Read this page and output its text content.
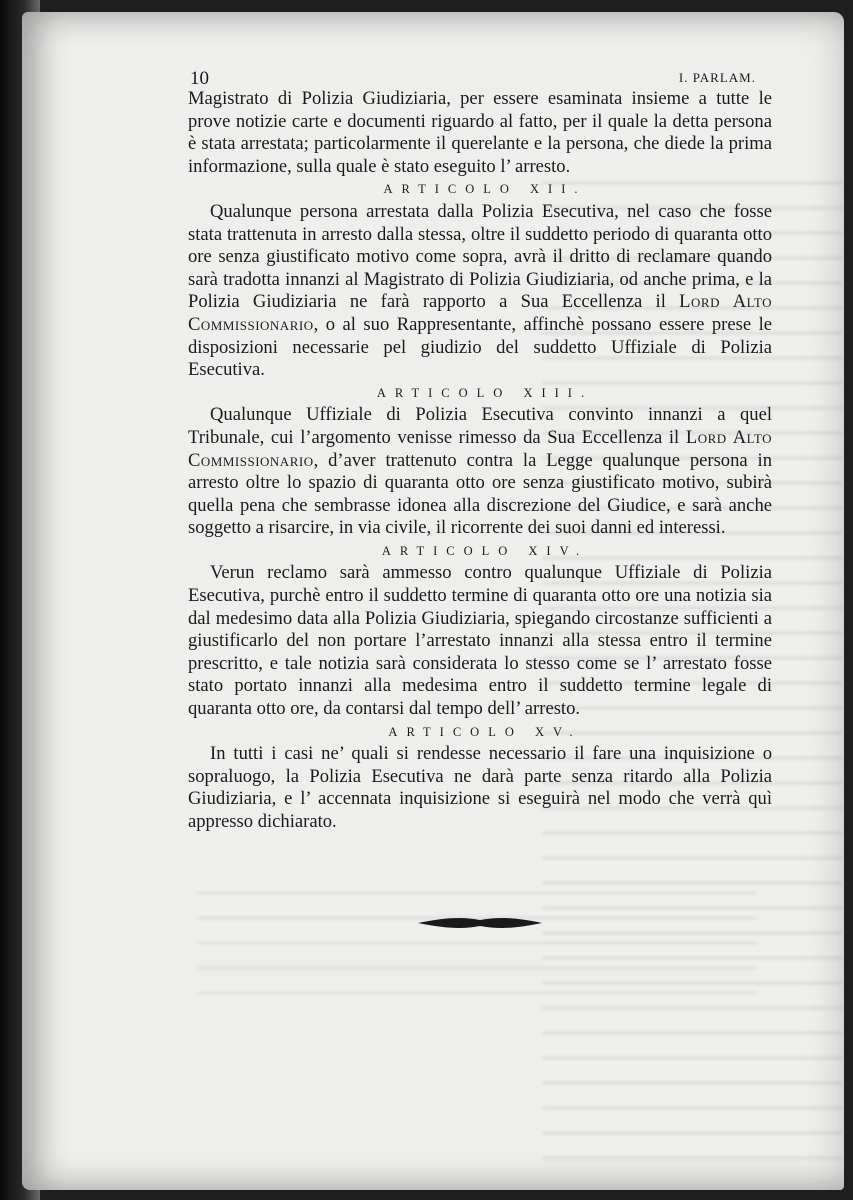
10	I. PARLAM.

Magistrato di Polizia Giudiziaria, per essere esaminata insieme a tutte le prove notizie carte e documenti riguardo al fatto, per il quale la detta persona è stata arrestata; particolarmente il querelante e la persona, che diede la prima informazione, sulla quale è stato eseguito l’ arresto.

ARTICOLO XII.

Qualunque persona arrestata dalla Polizia Esecutiva, nel caso che fosse stata trattenuta in arresto dalla stessa, oltre il suddetto periodo di quaranta otto ore senza giustificato motivo come sopra, avrà il dritto di reclamare quando sarà tradotta innanzi al Magistrato di Polizia Giudiziaria, od anche prima, e la Polizia Giudiziaria ne farà rapporto a Sua Eccellenza il Lord Alto Commissionario, o al suo Rappresentante, affinchè possano essere prese le disposizioni necessarie pel giudizio del suddetto Uffiziale di Polizia Esecutiva.

ARTICOLO XIII.

Qualunque Uffiziale di Polizia Esecutiva convinto innanzi a quel Tribunale, cui l’argomento venisse rimesso da Sua Eccellenza il Lord Alto Commissionario, d’aver trattenuto contra la Legge qualunque persona in arresto oltre lo spazio di quaranta otto ore senza giustificato motivo, subirà quella pena che sembrasse idonea alla discrezione del Giudice, e sarà anche soggetto a risarcire, in via civile, il ricorrente dei suoi danni ed interessi.

ARTICOLO XIV.

Verun reclamo sarà ammesso contro qualunque Uffiziale di Polizia Esecutiva, purchè entro il suddetto termine di quaranta otto ore una notizia sia dal medesimo data alla Polizia Giudiziaria, spiegando circostanze sufficienti a giustificarlo del non portare l’arrestato innanzi alla stessa entro il termine prescritto, e tale notizia sarà considerata lo stesso come se l’ arrestato fosse stato portato innanzi alla medesima entro il suddetto termine legale di quaranta otto ore, da contarsi dal tempo dell’ arresto.

ARTICOLO XV.

In tutti i casi ne’ quali si rendesse necessario il fare una inquisizione o sopraluogo, la Polizia Esecutiva ne darà parte senza ritardo alla Polizia Giudiziaria, e l’ accennata inquisizione si eseguirà nel modo che verrà quì appresso dichiarato.
